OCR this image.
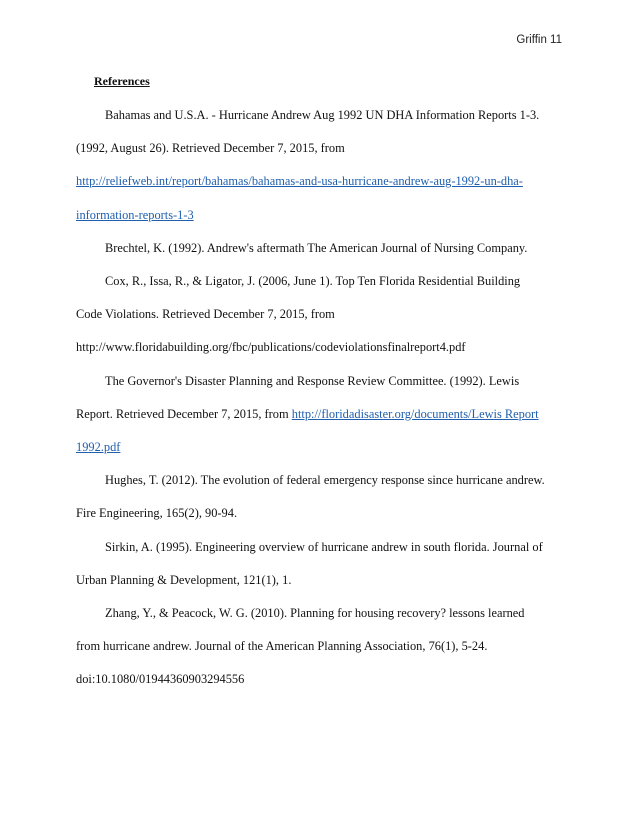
Griffin 11
References
Bahamas and U.S.A. - Hurricane Andrew Aug 1992 UN DHA Information Reports 1-3.
(1992, August 26). Retrieved December 7, 2015, from
http://reliefweb.int/report/bahamas/bahamas-and-usa-hurricane-andrew-aug-1992-un-dha-
information-reports-1-3
Brechtel, K. (1992). Andrew's aftermath The American Journal of Nursing Company.
Cox, R., Issa, R., & Ligator, J. (2006, June 1). Top Ten Florida Residential Building
Code Violations. Retrieved December 7, 2015, from
http://www.floridabuilding.org/fbc/publications/codeviolationsfinalreport4.pdf
The Governor's Disaster Planning and Response Review Committee. (1992). Lewis
Report. Retrieved December 7, 2015, from http://floridadisaster.org/documents/Lewis Report
1992.pdf
Hughes, T. (2012). The evolution of federal emergency response since hurricane andrew.
Fire Engineering, 165(2), 90-94.
Sirkin, A. (1995). Engineering overview of hurricane andrew in south florida. Journal of
Urban Planning & Development, 121(1), 1.
Zhang, Y., & Peacock, W. G. (2010). Planning for housing recovery? lessons learned
from hurricane andrew. Journal of the American Planning Association, 76(1), 5-24.
doi:10.1080/01944360903294556
